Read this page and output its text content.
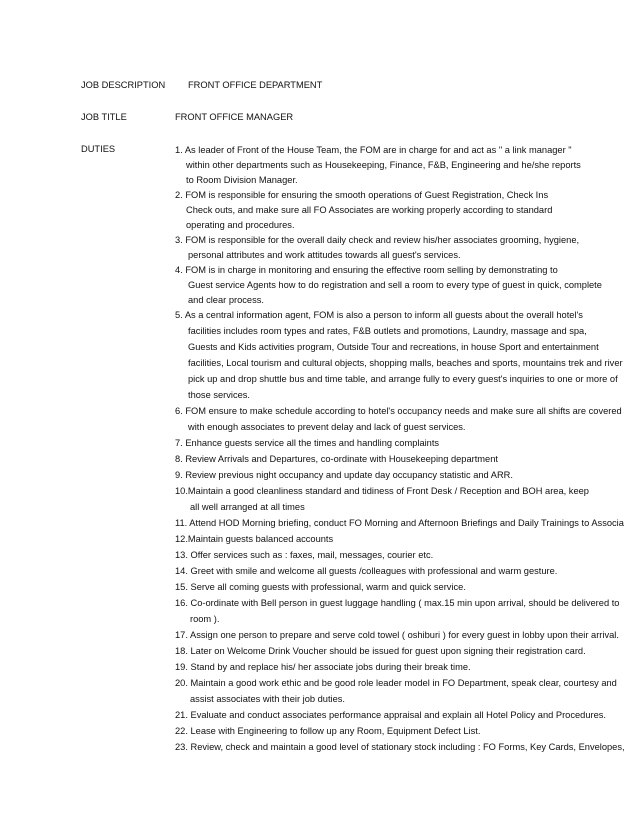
JOB DESCRIPTION FRONT OFFICE DEPARTMENT
JOB TITLE	FRONT OFFICE MANAGER
DUTIES	1. As leader of Front of the House Team, the FOM are in charge for and act as " a link manager "
within other departments such as Housekeeping, Finance, F&B, Engineering and he/she reports
to Room Division Manager.
2. FOM is responsible for ensuring the smooth operations of Guest Registration, Check Ins
Check outs, and make sure all FO Associates are working properly according to standard
operating and procedures.
3. FOM is responsible for the overall daily check and review his/her associates grooming, hygiene,
personal attributes and work attitudes towards all guest's services.
4. FOM is in charge in monitoring and ensuring the effective room selling by demonstrating to
Guest service Agents how to do registration and sell a room to every type of guest in quick, complete
and clear process.
5. As a central information agent, FOM is also a person to inform all guests about the overall hotel's
facilities includes room types and rates, F&B outlets and promotions, Laundry, massage and spa,
Guests and Kids activities program, Outside Tour and recreations, in house Sport and entertainment
facilities, Local tourism and cultural objects, shopping malls, beaches and sports, mountains trek and river
pick up and drop shuttle bus and time table, and arrange fully to every guest's inquiries to one or more of
those services.
6. FOM ensure to make schedule according to hotel's occupancy needs and make sure all shifts are covered
with enough associates to prevent delay and lack of guest services.
7. Enhance guests service all the times and handling complaints
8. Review Arrivals and Departures, co-ordinate with Housekeeping department
9. Review previous night occupancy and update day occupancy statistic and ARR.
10.Maintain a good cleanliness standard and tidiness of Front Desk / Reception and BOH area, keep
all well arranged at all times
11. Attend HOD Morning briefing, conduct FO Morning and Afternoon Briefings and Daily Trainings to Associa
12.Maintain guests balanced accounts
13. Offer services such as : faxes, mail, messages, courier etc.
14. Greet with smile and welcome all guests /colleagues with professional and warm gesture.
15. Serve all coming guests with professional, warm and quick service.
16. Co-ordinate with Bell person in guest luggage handling ( max.15 min upon arrival, should be delivered to
room ).
17. Assign one person to prepare and serve cold towel ( oshiburi ) for every guest in lobby upon their arrival.
18. Later on Welcome Drink Voucher should be issued for guest upon signing their registration card.
19. Stand by and replace his/ her associate jobs during their break time.
20. Maintain a good work ethic and be good role leader model in FO Department, speak clear, courtesy and
assist associates with their job duties.
21. Evaluate and conduct associates performance appraisal and explain all Hotel Policy and Procedures.
22. Lease with Engineering to follow up any Room, Equipment Defect List.
23. Review, check and maintain a good level of stationary stock including : FO Forms, Key Cards, Envelopes,
